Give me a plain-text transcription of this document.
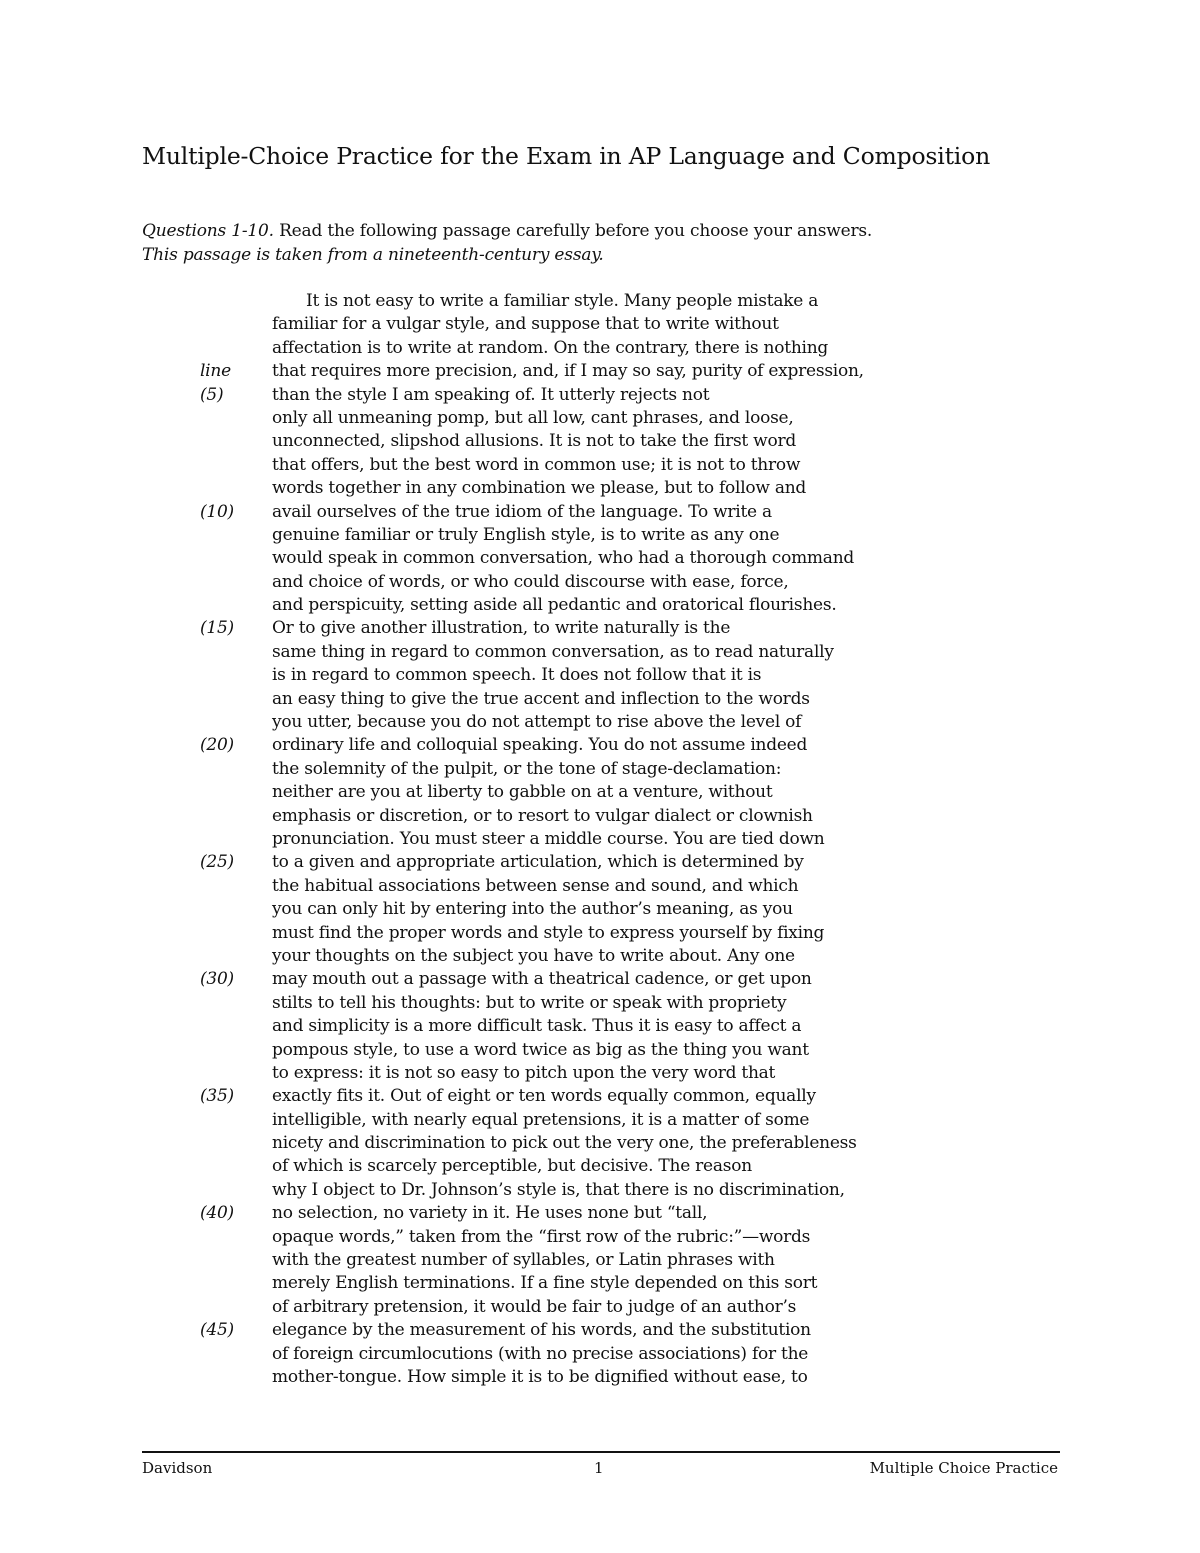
Multiple-Choice Practice for the Exam in AP Language and Composition
Questions 1-10. Read the following passage carefully before you choose your answers.
This passage is taken from a nineteenth-century essay.
It is not easy to write a familiar style. Many people mistake a
familiar for a vulgar style, and suppose that to write without
affectation is to write at random. On the contrary, there is nothing
line	that requires more precision, and, if I may so say, purity of expression,
(5)	than the style I am speaking of. It utterly rejects not
only all unmeaning pomp, but all low, cant phrases, and loose,
unconnected, slipshod allusions. It is not to take the first word
that offers, but the best word in common use; it is not to throw
words together in any combination we please, but to follow and
(10)	avail ourselves of the true idiom of the language. To write a
genuine familiar or truly English style, is to write as any one
would speak in common conversation, who had a thorough command
and choice of words, or who could discourse with ease, force,
and perspicuity, setting aside all pedantic and oratorical flourishes.
(15)	Or to give another illustration, to write naturally is the
same thing in regard to common conversation, as to read naturally
is in regard to common speech. It does not follow that it is
an easy thing to give the true accent and inflection to the words
you utter, because you do not attempt to rise above the level of
(20)	ordinary life and colloquial speaking. You do not assume indeed
the solemnity of the pulpit, or the tone of stage-declamation:
neither are you at liberty to gabble on at a venture, without
emphasis or discretion, or to resort to vulgar dialect or clownish
pronunciation. You must steer a middle course. You are tied down
(25)	to a given and appropriate articulation, which is determined by
the habitual associations between sense and sound, and which
you can only hit by entering into the author’s meaning, as you
must find the proper words and style to express yourself by fixing
your thoughts on the subject you have to write about. Any one
(30)	may mouth out a passage with a theatrical cadence, or get upon
stilts to tell his thoughts: but to write or speak with propriety
and simplicity is a more difficult task. Thus it is easy to affect a
pompous style, to use a word twice as big as the thing you want
to express: it is not so easy to pitch upon the very word that
(35)	exactly fits it. Out of eight or ten words equally common, equally
intelligible, with nearly equal pretensions, it is a matter of some
nicety and discrimination to pick out the very one, the preferableness
of which is scarcely perceptible, but decisive. The reason
why I object to Dr. Johnson’s style is, that there is no discrimination,
(40)	no selection, no variety in it. He uses none but “tall,
opaque words,” taken from the “first row of the rubric:”—words
with the greatest number of syllables, or Latin phrases with
merely English terminations. If a fine style depended on this sort
of arbitrary pretension, it would be fair to judge of an author’s
(45)	elegance by the measurement of his words, and the substitution
of foreign circumlocutions (with no precise associations) for the
mother-tongue. How simple it is to be dignified without ease, to
Davidson	1	Multiple Choice Practice
